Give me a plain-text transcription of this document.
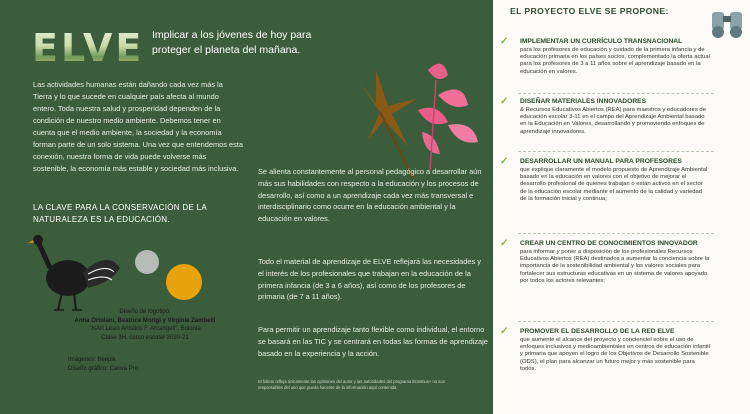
ELVE Implicar a los jóvenes de hoy para proteger el planeta del mañana.
Las actividades humanas están dañando cada vez más la Tierra y lo que sucede en cualquier país afecta al mundo entero. Toda nuestra salud y prosperidad dependen de la condición de nuestro medio ambiente. Debemos tener en cuenta que el medio ambiente, la sociedad y la economía forman parte de un solo sistema. Una vez que entendemos esta conexión, nuestra forma de vida puede volverse más sostenible, la economía más estable y sociedad más inclusiva.
LA CLAVE PARA LA CONSERVACIÓN DE LA NATURALEZA ES LA EDUCACIÓN.
Diseño de logotipo:
Anna Ortolani, Beatrice Morigi y Virginia Zambelli
"IsArt Liceo Artistico F. Arcangeli", Bolonia
Clase 3H, curso escolar 2020-21
Imágenes: freepik
Diseño gráfico: Canva Pro
Se alienta constantemente al personal pedagógico a desarrollar aún más sus habilidades con respecto a la educación y los procesos de desarrollo, así como a un aprendizaje cada vez más transversal e interdisciplinario como ocurre en la educación ambiental y la educación en valores.
Todo el material de aprendizaje de ELVE reflejará las necesidades y el interés de los profesionales que trabajan en la educación de la primera infancia (de 3 a 6 años), así como de los profesores de primaria (de 7 a 11 años).
Para permitir un aprendizaje tanto flexible como individual, el entorno se basará en las TIC y se centrará en todas las formas de aprendizaje basado en la experiencia y la acción.
El folleto refleja únicamente las opiniones del autor y las autoridades del programa Erasmus+ no son responsables del uso que pueda hacerse de la información aquí contenida
EL PROYECTO ELVE SE PROPONE:
✓ IMPLEMENTAR UN CURRÍCULO TRANSNACIONAL
para los profesores de educación y cuidado de la primera infancia y de educación primaria en los países socios, complementado la oferta actual para los profesores de 3 a 11 años sobre el aprendizaje basado en la educación en valores.
✓ DISEÑAR MATERIALES INNOVADORES
& Recursos Educativos Abiertos (REA) para maestros y educadores de educación escolar 3-11 en el campo del Aprendizaje Ambiental basado en la Educación en Valores, desarrollando y promoviendo enfoques de aprendizaje innovadores.
✓ DESARROLLAR UN MANUAL PARA PROFESORES
que explique claramente el modelo propuesto de Aprendizaje Ambiental basado en la educación en valores con el objetivo de mejorar el desarrollo profesional de quienes trabajan o están activos en el sector de la educación escolar mediante el aumento de la calidad y variedad de la formación inicial y continua;
✓ CREAR UN CENTRO DE CONOCIMIENTOS INNOVADOR
para informar y poner a disposición de los profesionales Recursos Educativos Abiertos (REA) destinados a aumentar la conciencia sobre la importancia de la sostenibilidad ambiental y los valores sociales para fortalecer sus estructuras educativas en un sistema de valores apoyado por todos los actores relevantes;
✓ PROMOVER EL DESARROLLO DE LA RED ELVE
que aumente el alcance del proyecto y concienciel sobre el uso de enfoques inclusivos y medioambientales en centros de educación infantil y primaria que apoyen el logro de los Objetivos de Desarrollo Sostenible (ODS), el plan para alcanzar un futuro mejor y más sostenible para todos.
